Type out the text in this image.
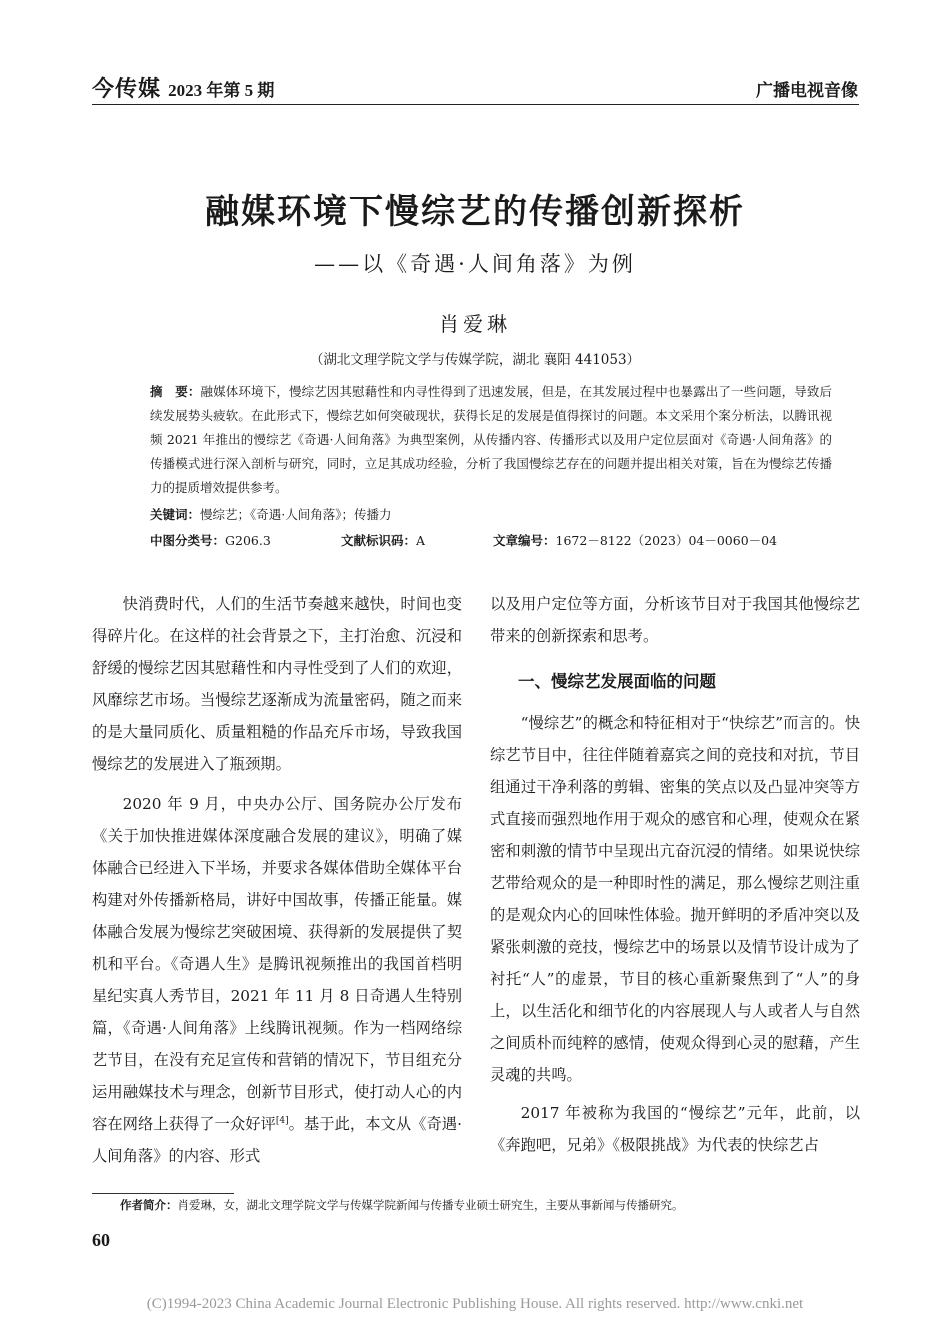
今传媒 2023 年第 5 期	广播电视音像
融媒环境下慢综艺的传播创新探析
——以《奇遇·人间角落》为例
肖爱琳
（湖北文理学院文学与传媒学院，湖北 襄阳 441053）
摘　要：融媒体环境下，慢综艺因其慰藉性和内寻性得到了迅速发展，但是，在其发展过程中也暴露出了一些问题，导致后续发展势头疲软。在此形式下，慢综艺如何突破现状，获得长足的发展是值得探讨的问题。本文采用个案分析法，以腾讯视频 2021 年推出的慢综艺《奇遇·人间角落》为典型案例，从传播内容、传播形式以及用户定位层面对《奇遇·人间角落》的传播模式进行深入剖析与研究，同时，立足其成功经验，分析了我国慢综艺存在的问题并提出相关对策，旨在为慢综艺传播力的提质增效提供参考。
关键词：慢综艺；《奇遇·人间角落》；传播力
中图分类号：G206.3	文献标识码：A	文章编号：1672－8122（2023）04－0060－04

快消费时代，人们的生活节奏越来越快，时间也变得碎片化。在这样的社会背景之下，主打治愈、沉浸和舒缓的慢综艺因其慰藉性和内寻性受到了人们的欢迎，风靡综艺市场。当慢综艺逐渐成为流量密码，随之而来的是大量同质化、质量粗糙的作品充斥市场，导致我国慢综艺的发展进入了瓶颈期。

2020 年 9 月，中央办公厅、国务院办公厅发布《关于加快推进媒体深度融合发展的建议》，明确了媒体融合已经进入下半场，并要求各媒体借助全媒体平台构建对外传播新格局，讲好中国故事，传播正能量。媒体融合发展为慢综艺突破困境、获得新的发展提供了契机和平台。《奇遇人生》是腾讯视频推出的我国首档明星纪实真人秀节目，2021 年 11 月 8 日奇遇人生特别篇，《奇遇·人间角落》上线腾讯视频。作为一档网络综艺节目，在没有充足宣传和营销的情况下，节目组充分运用融媒技术与理念，创新节目形式，使打动人心的内容在网络上获得了一众好评[4]。基于此，本文从《奇遇·人间角落》的内容、形式

以及用户定位等方面，分析该节目对于我国其他慢综艺带来的创新探索和思考。

一、慢综艺发展面临的问题

“慢综艺”的概念和特征相对于“快综艺”而言的。快综艺节目中，往往伴随着嘉宾之间的竞技和对抗，节目组通过干净利落的剪辑、密集的笑点以及凸显冲突等方式直接而强烈地作用于观众的感官和心理，使观众在紧密和刺激的情节中呈现出亢奋沉浸的情绪。如果说快综艺带给观众的是一种即时性的满足，那么慢综艺则注重的是观众内心的回味性体验。抛开鲜明的矛盾冲突以及紧张刺激的竞技，慢综艺中的场景以及情节设计成为了衬托“人”的虚景，节目的核心重新聚焦到了“人”的身上，以生活化和细节化的内容展现人与人或者人与自然之间质朴而纯粹的感情，使观众得到心灵的慰藉，产生灵魂的共鸣。

2017 年被称为我国的“慢综艺”元年，此前，以《奔跑吧，兄弟》《极限挑战》为代表的快综艺占

作者简介：肖爱琳，女，湖北文理学院文学与传媒学院新闻与传播专业硕士研究生，主要从事新闻与传播研究。
60
(C)1994-2023 China Academic Journal Electronic Publishing House. All rights reserved. http://www.cnki.net
